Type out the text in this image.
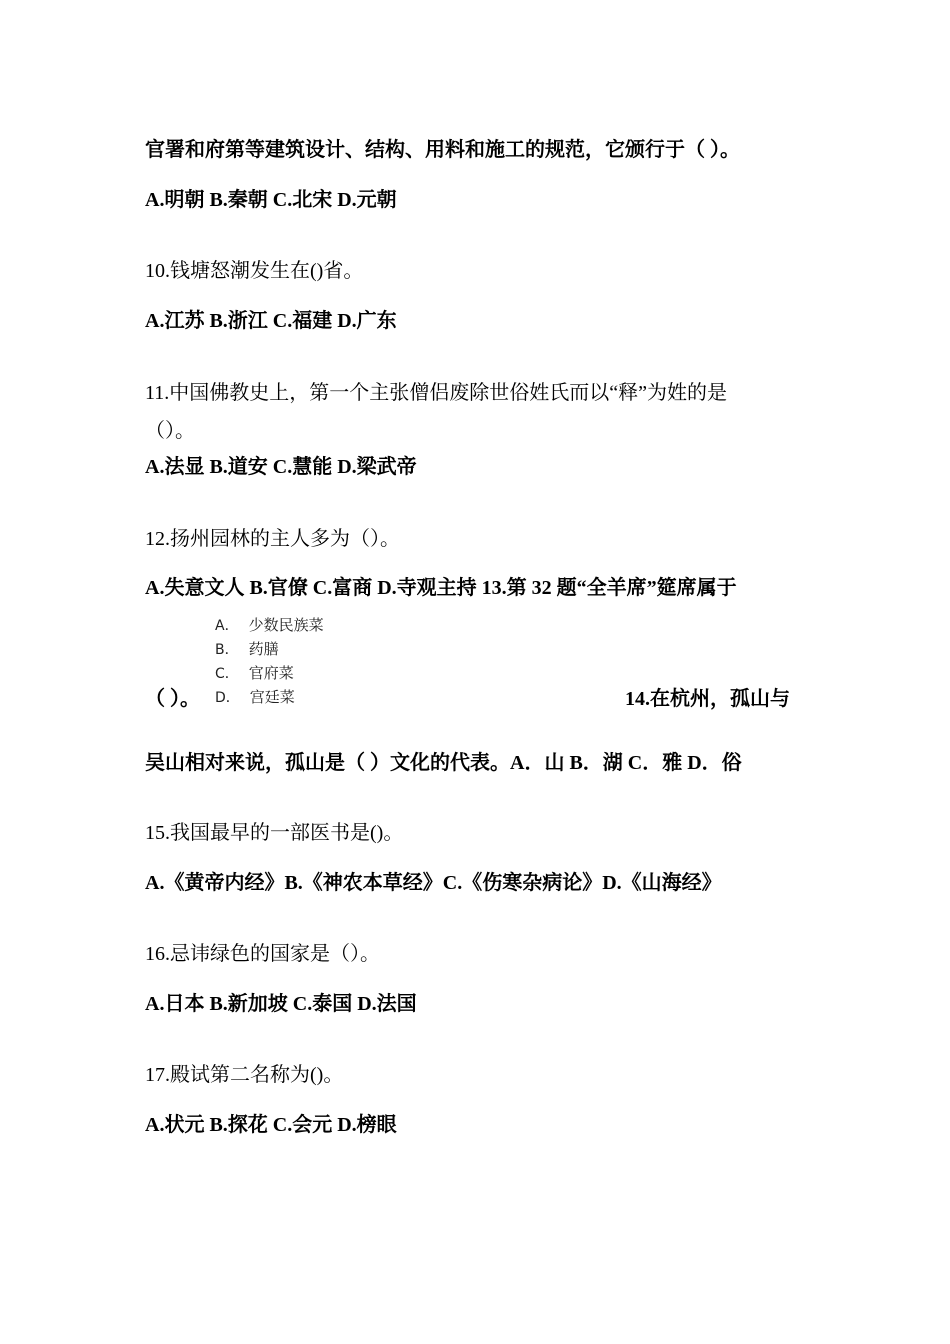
官署和府第等建筑设计、结构、用料和施工的规范，它颁行于（ ）。
A.明朝 B.秦朝 C.北宋 D.元朝
10.钱塘怒潮发生在()省。
A.江苏 B.浙江 C.福建 D.广东
11.中国佛教史上，第一个主张僧侣废除世俗姓氏而以“释”为姓的是
（）。
A.法显 B.道安 C.慧能 D.梁武帝
12.扬州园林的主人多为（）。
A.失意文人 B.官僚 C.富商 D.寺观主持 13.第 32 题“全羊席”筵席属于
A． 少数民族菜
B． 药膳
C． 官府菜
D． 宫廷菜
（ ）。	14.在杭州，孤山与
吴山相对来说，孤山是（ ）文化的代表。A．山 B．湖 C．雅 D．俗
15.我国最早的一部医书是()。
A.《黄帝内经》B.《神农本草经》C.《伤寒杂病论》D.《山海经》
16.忌讳绿色的国家是（）。
A.日本 B.新加坡 C.泰国 D.法国
17.殿试第二名称为()。
A.状元 B.探花 C.会元 D.榜眼
